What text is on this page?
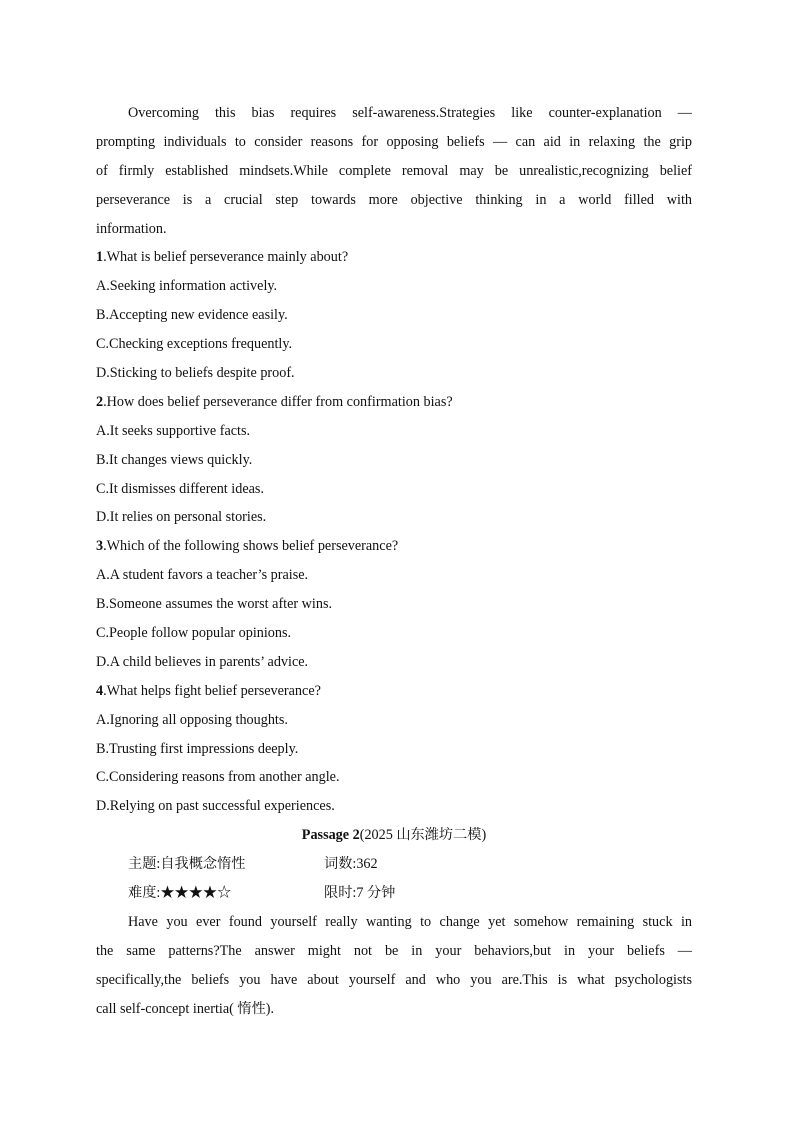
Overcoming this bias requires self-awareness.Strategies like counter-explanation —
prompting individuals to consider reasons for opposing beliefs — can aid in relaxing the grip
of firmly established mindsets.While complete removal may be unrealistic,recognizing belief
perseverance is a crucial step towards more objective thinking in a world filled with
information.
1.What is belief perseverance mainly about?
A.Seeking information actively.
B.Accepting new evidence easily.
C.Checking exceptions frequently.
D.Sticking to beliefs despite proof.
2.How does belief perseverance differ from confirmation bias?
A.It seeks supportive facts.
B.It changes views quickly.
C.It dismisses different ideas.
D.It relies on personal stories.
3.Which of the following shows belief perseverance?
A.A student favors a teacher’s praise.
B.Someone assumes the worst after wins.
C.People follow popular opinions.
D.A child believes in parents’ advice.
4.What helps fight belief perseverance?
A.Ignoring all opposing thoughts.
B.Trusting first impressions deeply.
C.Considering reasons from another angle.
D.Relying on past successful experiences.
Passage 2(2025 山东潍坊二模)
主题:自我概念惰性	词数:362
难度:★★★★☆	限时:7 分钟
Have you ever found yourself really wanting to change yet somehow remaining stuck in
the same patterns?The answer might not be in your behaviors,but in your beliefs —
specifically,the beliefs you have about yourself and who you are.This is what psychologists
call self-concept inertia( 惰性).
